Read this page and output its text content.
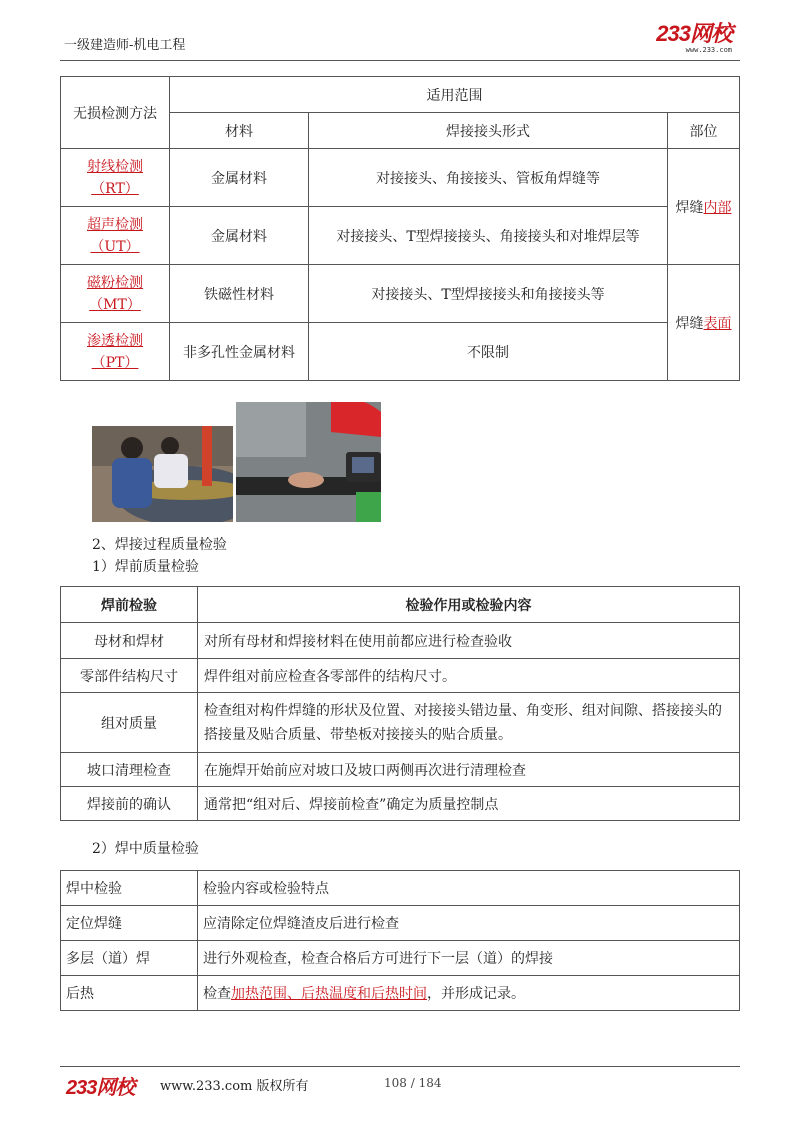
一级建造师-机电工程	233网校
www.233.com
无损检测方法	适用范围		
	材料	焊接接头形式	部位
射线检测
（RT）	金属材料	对接接头、角接接头、管板角焊缝等	焊缝内部
超声检测
（UT）	金属材料	对接接头、T型焊接接头、角接接头和对堆焊层等	
磁粉检测
（MT）	铁磁性材料	对接接头、T型焊接接头和角接接头等	焊缝表面
渗透检测
（PT）	非多孔性金属材料	不限制	
2、焊接过程质量检验
1）焊前质量检验
焊前检验	检验作用或检验内容
母材和焊材	对所有母材和焊接材料在使用前都应进行检查验收
零部件结构尺寸	焊件组对前应检查各零部件的结构尺寸。
组对质量	检查组对构件焊缝的形状及位置、对接接头错边量、角变形、组对间隙、搭接接头的搭接量及贴合质量、带垫板对接接头的贴合质量。
坡口清理检查	在施焊开始前应对坡口及坡口两侧再次进行清理检查
焊接前的确认	通常把“组对后、焊接前检查”确定为质量控制点
2）焊中质量检验
焊中检验	检验内容或检验特点
定位焊缝	应清除定位焊缝渣皮后进行检查
多层（道）焊	进行外观检查，检查合格后方可进行下一层（道）的焊接
后热	检查加热范围、后热温度和后热时间，并形成记录。
233网校 www.233.com 版权所有	108 / 184
